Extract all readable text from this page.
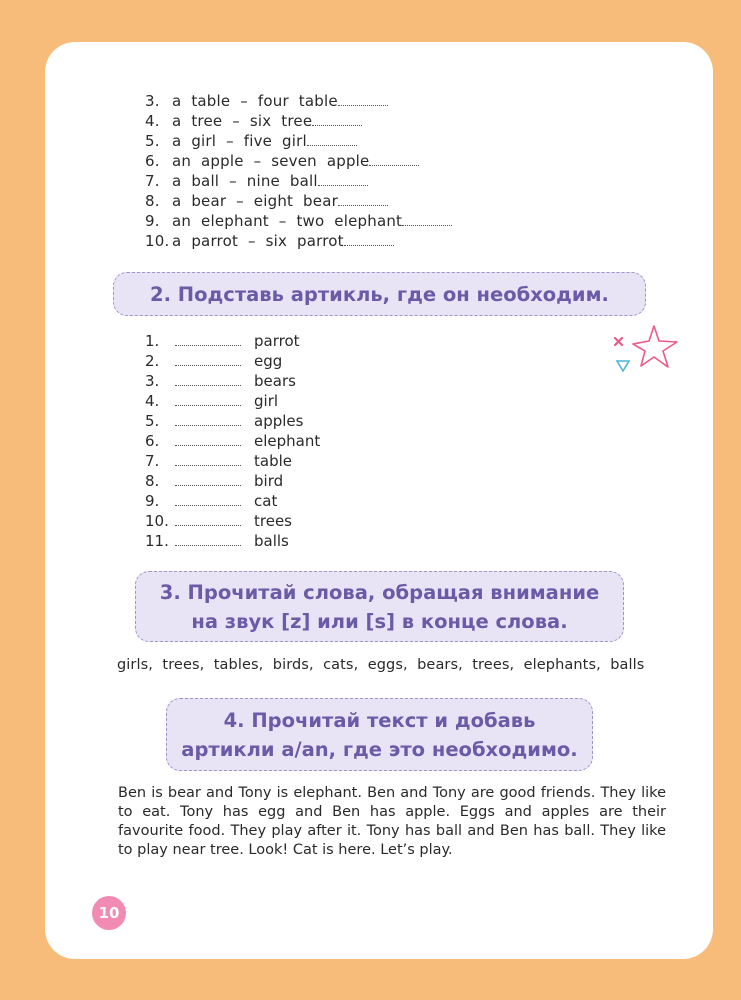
3. a  table  –  four  table
4. a  tree  –  six  tree
5. a  girl  –  five  girl
6. an  apple  –  seven  apple
7. a  ball  –  nine  ball
8. a  bear  –  eight  bear
9. an  elephant  –  two  elephant
10. a  parrot  –  six  parrot
2. Подставь артикль, где он необходим.
1.	parrot
2.	egg
3.	bears
4.	girl
5.	apples
6.	elephant
7.	table
8.	bird
9.	cat
10.	trees
11.	balls
3. Прочитай слова, обращая внимание
на звук [z] или [s] в конце слова.
girls,  trees,  tables,  birds,  cats,  eggs,  bears,  trees,  elephants,  balls
4. Прочитай текст и добавь
артикли a/an, где это необходимо.
Ben is bear and Tony is elephant. Ben and Tony are good friends. They like to eat. Tony has egg and Ben has apple. Eggs and apples are their favourite food. They play after it. Tony has ball and Ben has ball. They like to play near tree. Look! Cat is here. Let’s play.
10
